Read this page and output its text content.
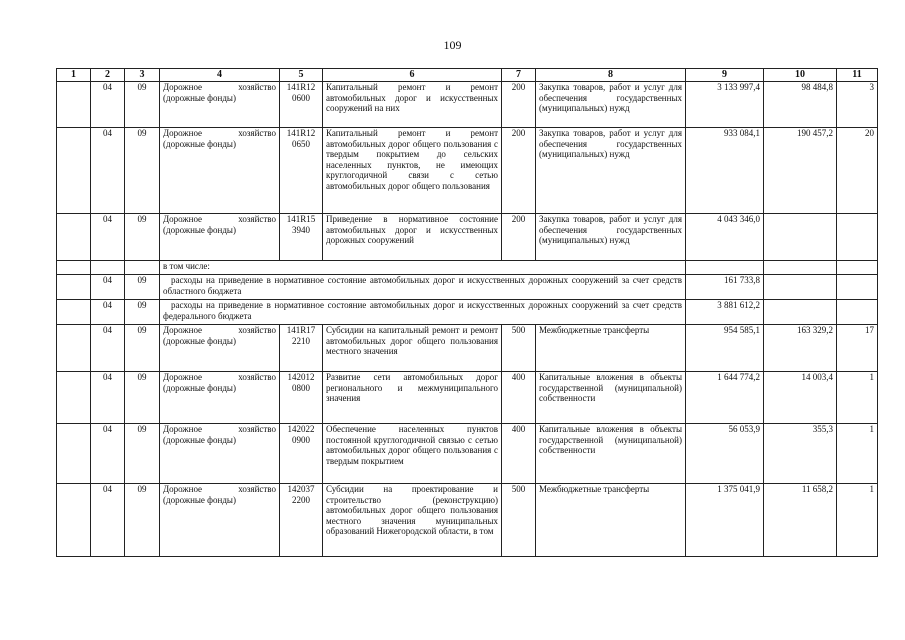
109
1	2	3	4	5	6	7	8	9	10	11
	04	09	Дорожное хозяйство (дорожные фонды)	141R12 0600	Капитальный ремонт и ремонт автомобильных дорог и искусственных сооружений на них	200	Закупка товаров, работ и услуг для обеспечения государственных (муниципальных) нужд	3 133 997,4	98 484,8	3
	04	09	Дорожное хозяйство (дорожные фонды)	141R12 0650	Капитальный ремонт и ремонт автомобильных дорог общего пользования с твердым покрытием до сельских населенных пунктов, не имеющих круглогодичной связи с сетью автомобильных дорог общего пользования	200	Закупка товаров, работ и услуг для обеспечения государственных (муниципальных) нужд	933 084,1	190 457,2	20
	04	09	Дорожное хозяйство (дорожные фонды)	141R15 3940	Приведение в нормативное состояние автомобильных дорог и искусственных дорожных сооружений	200	Закупка товаров, работ и услуг для обеспечения государственных (муниципальных) нужд	4 043 346,0		
			в том числе:							
	04	09	расходы на приведение в нормативное состояние автомобильных дорог и искусственных дорожных сооружений за счет средств областного бюджета					161 733,8		
	04	09	расходы на приведение в нормативное состояние автомобильных дорог и искусственных дорожных сооружений за счет средств федерального бюджета					3 881 612,2		
	04	09	Дорожное хозяйство (дорожные фонды)	141R17 2210	Субсидии на капитальный ремонт и ремонт автомобильных дорог общего пользования местного значения	500	Межбюджетные трансферты	954 585,1	163 329,2	17
	04	09	Дорожное хозяйство (дорожные фонды)	142012 0800	Развитие сети автомобильных дорог регионального и межмуниципального значения	400	Капитальные вложения в объекты государственной (муниципальной) собственности	1 644 774,2	14 003,4	1
	04	09	Дорожное хозяйство (дорожные фонды)	142022 0900	Обеспечение населенных пунктов постоянной круглогодичной связью с сетью автомобильных дорог общего пользования с твердым покрытием	400	Капитальные вложения в объекты государственной (муниципальной) собственности	56 053,9	355,3	1
	04	09	Дорожное хозяйство (дорожные фонды)	142037 2200	Субсидии на проектирование и строительство (реконструкцию) автомобильных дорог общего пользования местного значения муниципальных образований Нижегородской области, в том	500	Межбюджетные трансферты	1 375 041,9	11 658,2	1
